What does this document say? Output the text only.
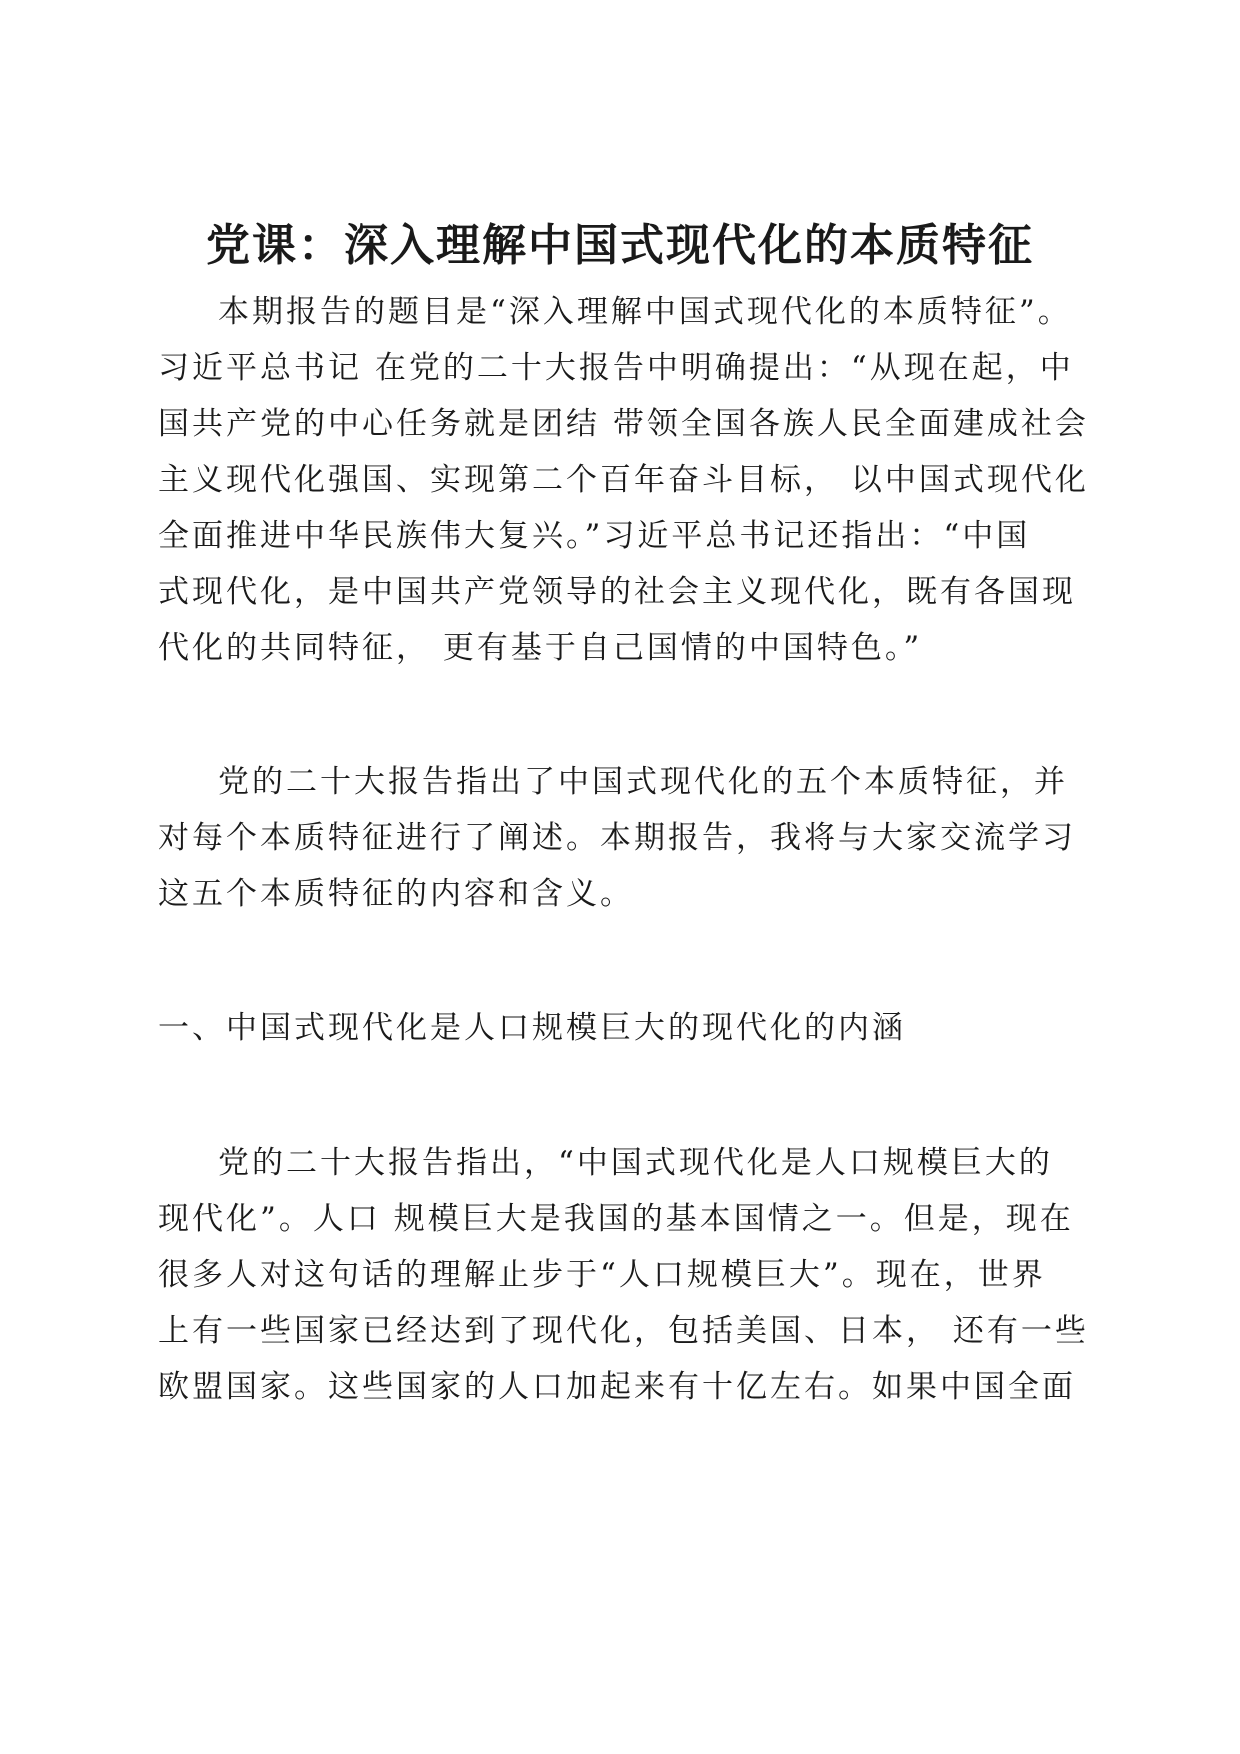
党课：深入理解中国式现代化的本质特征
本期报告的题目是“深入理解中国式现代化的本质特征”。
习近平总书记 在党的二十大报告中明确提出：“从现在起，中
国共产党的中心任务就是团结 带领全国各族人民全面建成社会
主义现代化强国、实现第二个百年奋斗目标， 以中国式现代化
全面推进中华民族伟大复兴。”习近平总书记还指出：“中国
式现代化，是中国共产党领导的社会主义现代化，既有各国现
代化的共同特征， 更有基于自己国情的中国特色。”
党的二十大报告指出了中国式现代化的五个本质特征，并
对每个本质特征进行了阐述。本期报告，我将与大家交流学习
这五个本质特征的内容和含义。
一、中国式现代化是人口规模巨大的现代化的内涵
党的二十大报告指出，“中国式现代化是人口规模巨大的
现代化”。人口 规模巨大是我国的基本国情之一。但是，现在
很多人对这句话的理解止步于“人口规模巨大”。现在，世界
上有一些国家已经达到了现代化，包括美国、日本， 还有一些
欧盟国家。这些国家的人口加起来有十亿左右。如果中国全面
